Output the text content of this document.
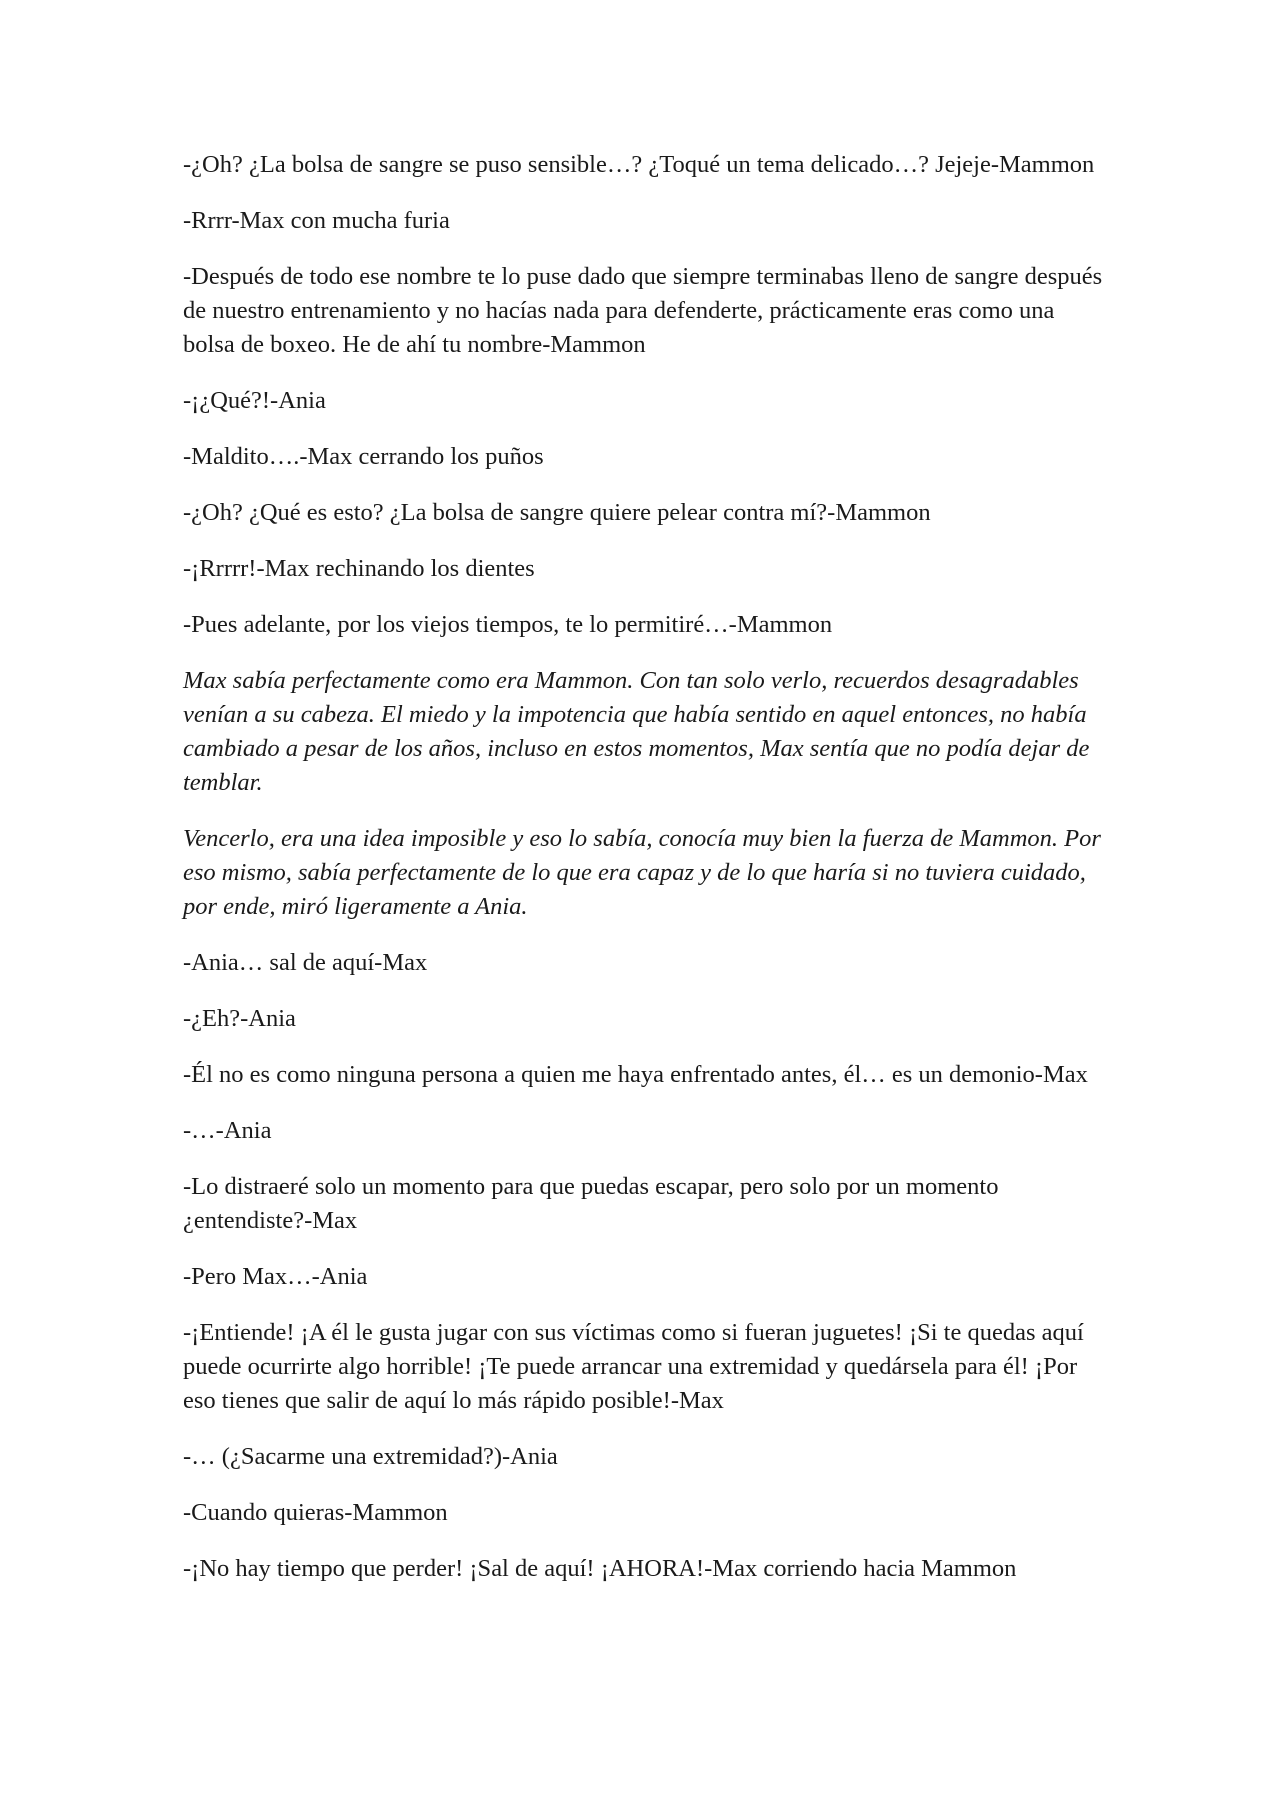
-¿Oh? ¿La bolsa de sangre se puso sensible…? ¿Toqué un tema delicado…? Jejeje-Mammon

-Rrrr-Max con mucha furia

-Después de todo ese nombre te lo puse dado que siempre terminabas lleno de sangre después de nuestro entrenamiento y no hacías nada para defenderte, prácticamente eras como una bolsa de boxeo. He de ahí tu nombre-Mammon

-¡¿Qué?!-Ania

-Maldito….-Max cerrando los puños

-¿Oh? ¿Qué es esto? ¿La bolsa de sangre quiere pelear contra mí?-Mammon

-¡Rrrrr!-Max rechinando los dientes

-Pues adelante, por los viejos tiempos, te lo permitiré…-Mammon

Max sabía perfectamente como era Mammon. Con tan solo verlo, recuerdos desagradables venían a su cabeza. El miedo y la impotencia que había sentido en aquel entonces, no había cambiado a pesar de los años, incluso en estos momentos, Max sentía que no podía dejar de temblar.

Vencerlo, era una idea imposible y eso lo sabía, conocía muy bien la fuerza de Mammon. Por eso mismo, sabía perfectamente de lo que era capaz y de lo que haría si no tuviera cuidado, por ende, miró ligeramente a Ania.

-Ania… sal de aquí-Max

-¿Eh?-Ania

-Él no es como ninguna persona a quien me haya enfrentado antes, él… es un demonio-Max

-…-Ania

-Lo distraeré solo un momento para que puedas escapar, pero solo por un momento ¿entendiste?-Max

-Pero Max…-Ania

-¡Entiende! ¡A él le gusta jugar con sus víctimas como si fueran juguetes! ¡Si te quedas aquí puede ocurrirte algo horrible! ¡Te puede arrancar una extremidad y quedársela para él! ¡Por eso tienes que salir de aquí lo más rápido posible!-Max

-… (¿Sacarme una extremidad?)-Ania

-Cuando quieras-Mammon

-¡No hay tiempo que perder! ¡Sal de aquí! ¡AHORA!-Max corriendo hacia Mammon
